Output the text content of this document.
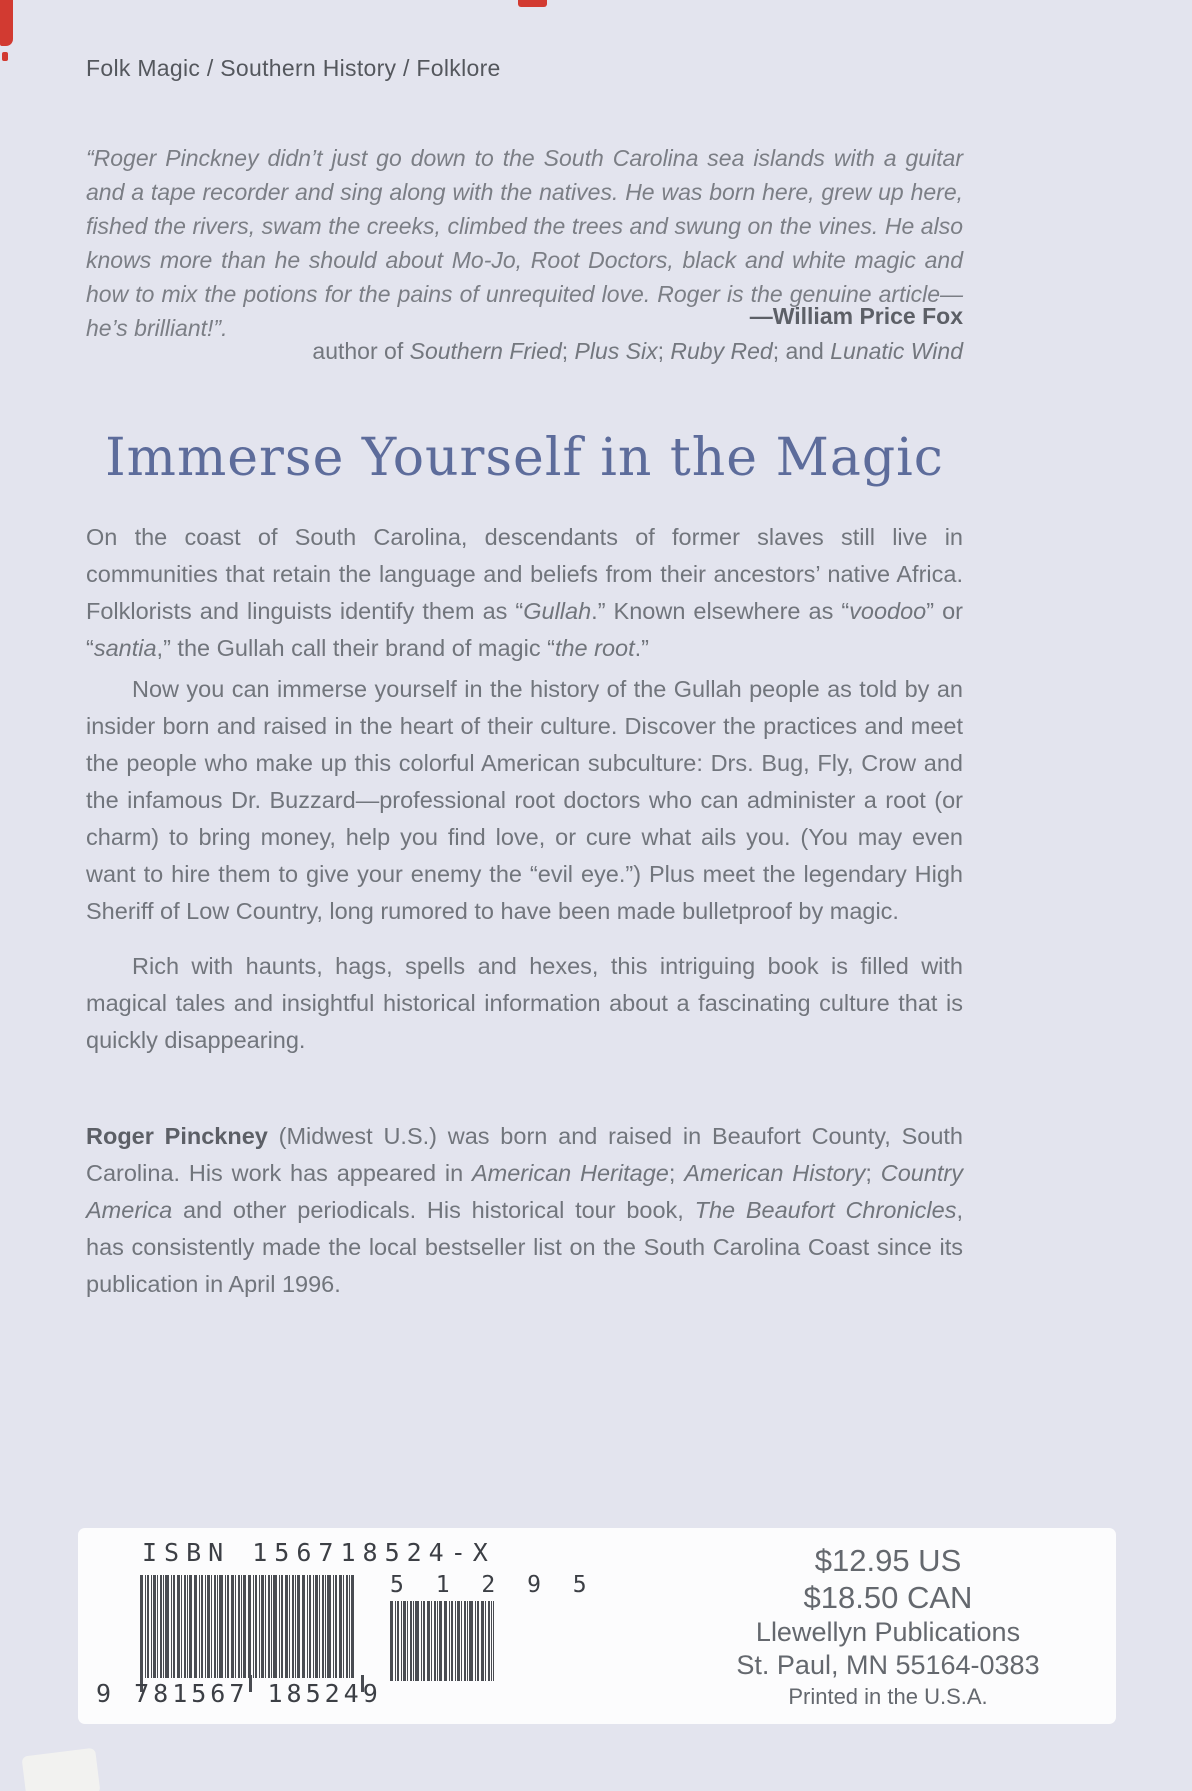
Folk Magic / Southern History / Folklore
“Roger Pinckney didn’t just go down to the South Carolina sea islands with a guitar and a tape recorder and sing along with the natives. He was born here, grew up here, fished the rivers, swam the creeks, climbed the trees and swung on the vines. He also knows more than he should about Mo-Jo, Root Doctors, black and white magic and how to mix the potions for the pains of unrequited love. Roger is the genuine article—he’s brilliant!”.	—William Price Fox
author of Southern Fried; Plus Six; Ruby Red; and Lunatic Wind
Immerse Yourself in the Magic

On the coast of South Carolina, descendants of former slaves still live in communities that retain the language and beliefs from their ancestors’ native Africa. Folklorists and linguists identify them as “Gullah.” Known elsewhere as “voodoo” or “santia,” the Gullah call their brand of magic “the root.”

Now you can immerse yourself in the history of the Gullah people as told by an insider born and raised in the heart of their culture. Discover the practices and meet the people who make up this colorful American subculture: Drs. Bug, Fly, Crow and the infamous Dr. Buzzard—professional root doctors who can administer a root (or charm) to bring money, help you find love, or cure what ails you. (You may even want to hire them to give your enemy the “evil eye.”) Plus meet the legendary High Sheriff of Low Country, long rumored to have been made bulletproof by magic.

Rich with haunts, hags, spells and hexes, this intriguing book is filled with magical tales and insightful historical information about a fascinating culture that is quickly disappearing.

Roger Pinckney (Midwest U.S.) was born and raised in Beaufort County, South Carolina. His work has appeared in American Heritage; American History; Country America and other periodicals. His historical tour book, The Beaufort Chronicles, has consistently made the local bestseller list on the South Carolina Coast since its publication in April 1996.

ISBN 156718524-X
9 781567 185249
5 1 2 9 5
$12.95 US
$18.50 CAN
Llewellyn Publications
St. Paul, MN 55164-0383
Printed in the U.S.A.
